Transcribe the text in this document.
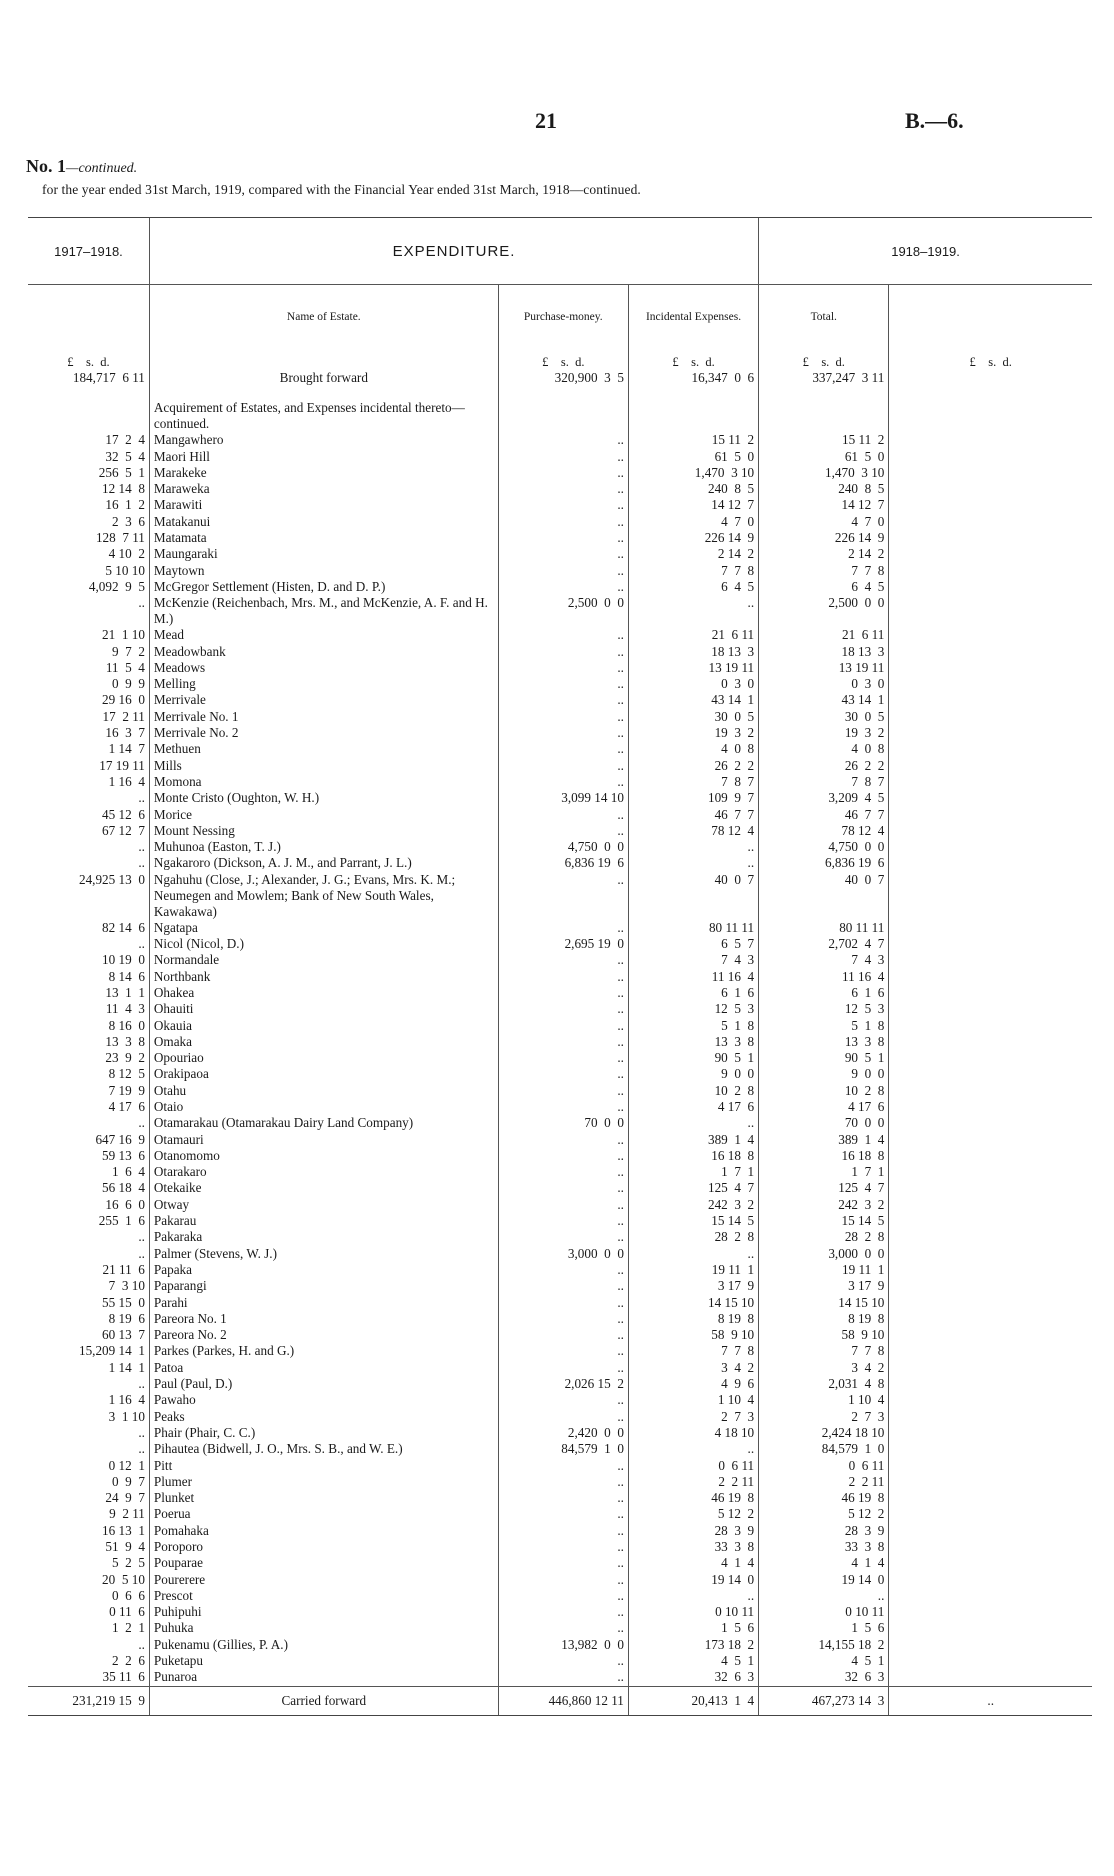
21	B.—6.
No. 1—continued.
for the year ended 31st March, 1919, compared with the Financial Year ended 31st March, 1918—continued.
1917–1918.	EXPENDITURE.			1918–1919.	
	Name of Estate.	Purchase-money.	Incidental Expenses.	Total.	
£    s.  d.		£    s.  d.	£    s.  d.	£    s.  d.	£    s.  d.
184,717  6 11	Brought forward	320,900  3  5	16,347  0  6	337,247  3 11	

	Acquirement of Estates, and Expenses incidental thereto—continued.				
17  2  4	Mangawhero	..	15 11  2	15 11  2	
32  5  4	Maori Hill	..	61  5  0	61  5  0	
256  5  1	Marakeke	..	1,470  3 10	1,470  3 10	
12 14  8	Maraweka	..	240  8  5	240  8  5	
16  1  2	Marawiti	..	14 12  7	14 12  7	
2  3  6	Matakanui	..	4  7  0	4  7  0	
128  7 11	Matamata	..	226 14  9	226 14  9	
4 10  2	Maungaraki	..	2 14  2	2 14  2	
5 10 10	Maytown	..	7  7  8	7  7  8	
4,092  9  5	McGregor Settlement (Histen, D. and D. P.)	..	6  4  5	6  4  5	
..	McKenzie (Reichenbach, Mrs. M., and McKenzie, A. F. and H. M.)	2,500  0  0	..	2,500  0  0	
21  1 10	Mead	..	21  6 11	21  6 11	
9  7  2	Meadowbank	..	18 13  3	18 13  3	
11  5  4	Meadows	..	13 19 11	13 19 11	
0  9  9	Melling	..	0  3  0	0  3  0	
29 16  0	Merrivale	..	43 14  1	43 14  1	
17  2 11	Merrivale No. 1	..	30  0  5	30  0  5	
16  3  7	Merrivale No. 2	..	19  3  2	19  3  2	
1 14  7	Methuen	..	4  0  8	4  0  8	
17 19 11	Mills	..	26  2  2	26  2  2	
1 16  4	Momona	..	7  8  7	7  8  7	
..	Monte Cristo (Oughton, W. H.)	3,099 14 10	109  9  7	3,209  4  5	
45 12  6	Morice	..	46  7  7	46  7  7	
67 12  7	Mount Nessing	..	78 12  4	78 12  4	
..	Muhunoa (Easton, T. J.)	4,750  0  0	..	4,750  0  0	
..	Ngakaroro (Dickson, A. J. M., and Parrant, J. L.)	6,836 19  6	..	6,836 19  6	
24,925 13  0	Ngahuhu (Close, J.; Alexander, J. G.; Evans, Mrs. K. M.; Neumegen and Mowlem; Bank of New South Wales, Kawakawa)	..	40  0  7	40  0  7	
82 14  6	Ngatapa	..	80 11 11	80 11 11	
..	Nicol (Nicol, D.)	2,695 19  0	6  5  7	2,702  4  7	
10 19  0	Normandale	..	7  4  3	7  4  3	
8 14  6	Northbank	..	11 16  4	11 16  4	
13  1  1	Ohakea	..	6  1  6	6  1  6	
11  4  3	Ohauiti	..	12  5  3	12  5  3	
8 16  0	Okauia	..	5  1  8	5  1  8	
13  3  8	Omaka	..	13  3  8	13  3  8	
23  9  2	Opouriao	..	90  5  1	90  5  1	
8 12  5	Orakipaoa	..	9  0  0	9  0  0	
7 19  9	Otahu	..	10  2  8	10  2  8	
4 17  6	Otaio	..	4 17  6	4 17  6	
..	Otamarakau (Otamarakau Dairy Land Company)	70  0  0	..	70  0  0	
647 16  9	Otamauri	..	389  1  4	389  1  4	
59 13  6	Otanomomo	..	16 18  8	16 18  8	
1  6  4	Otarakaro	..	1  7  1	1  7  1	
56 18  4	Otekaike	..	125  4  7	125  4  7	
16  6  0	Otway	..	242  3  2	242  3  2	
255  1  6	Pakarau	..	15 14  5	15 14  5	
..	Pakaraka	..	28  2  8	28  2  8	
..	Palmer (Stevens, W. J.)	3,000  0  0	..	3,000  0  0	
21 11  6	Papaka	..	19 11  1	19 11  1	
7  3 10	Paparangi	..	3 17  9	3 17  9	
55 15  0	Parahi	..	14 15 10	14 15 10	
8 19  6	Pareora No. 1	..	8 19  8	8 19  8	
60 13  7	Pareora No. 2	..	58  9 10	58  9 10	
15,209 14  1	Parkes (Parkes, H. and G.)	..	7  7  8	7  7  8	
1 14  1	Patoa	..	3  4  2	3  4  2	
..	Paul (Paul, D.)	2,026 15  2	4  9  6	2,031  4  8	
1 16  4	Pawaho	..	1 10  4	1 10  4	
3  1 10	Peaks	..	2  7  3	2  7  3	
..	Phair (Phair, C. C.)	2,420  0  0	4 18 10	2,424 18 10	
..	Pihautea (Bidwell, J. O., Mrs. S. B., and W. E.)	84,579  1  0	..	84,579  1  0	
0 12  1	Pitt	..	0  6 11	0  6 11	
0  9  7	Plumer	..	2  2 11	2  2 11	
24  9  7	Plunket	..	46 19  8	46 19  8	
9  2 11	Poerua	..	5 12  2	5 12  2	
16 13  1	Pomahaka	..	28  3  9	28  3  9	
51  9  4	Poroporo	..	33  3  8	33  3  8	
5  2  5	Pouparae	..	4  1  4	4  1  4	
20  5 10	Pourerere	..	19 14  0	19 14  0	
0  6  6	Prescot	..	..	..	
0 11  6	Puhipuhi	..	0 10 11	0 10 11	
1  2  1	Puhuka	..	1  5  6	1  5  6	
..	Pukenamu (Gillies, P. A.)	13,982  0  0	173 18  2	14,155 18  2	
2  2  6	Puketapu	..	4  5  1	4  5  1	
35 11  6	Punaroa	..	32  6  3	32  6  3	
231,219 15  9	Carried forward	446,860 12 11	20,413  1  4	467,273 14  3	..
